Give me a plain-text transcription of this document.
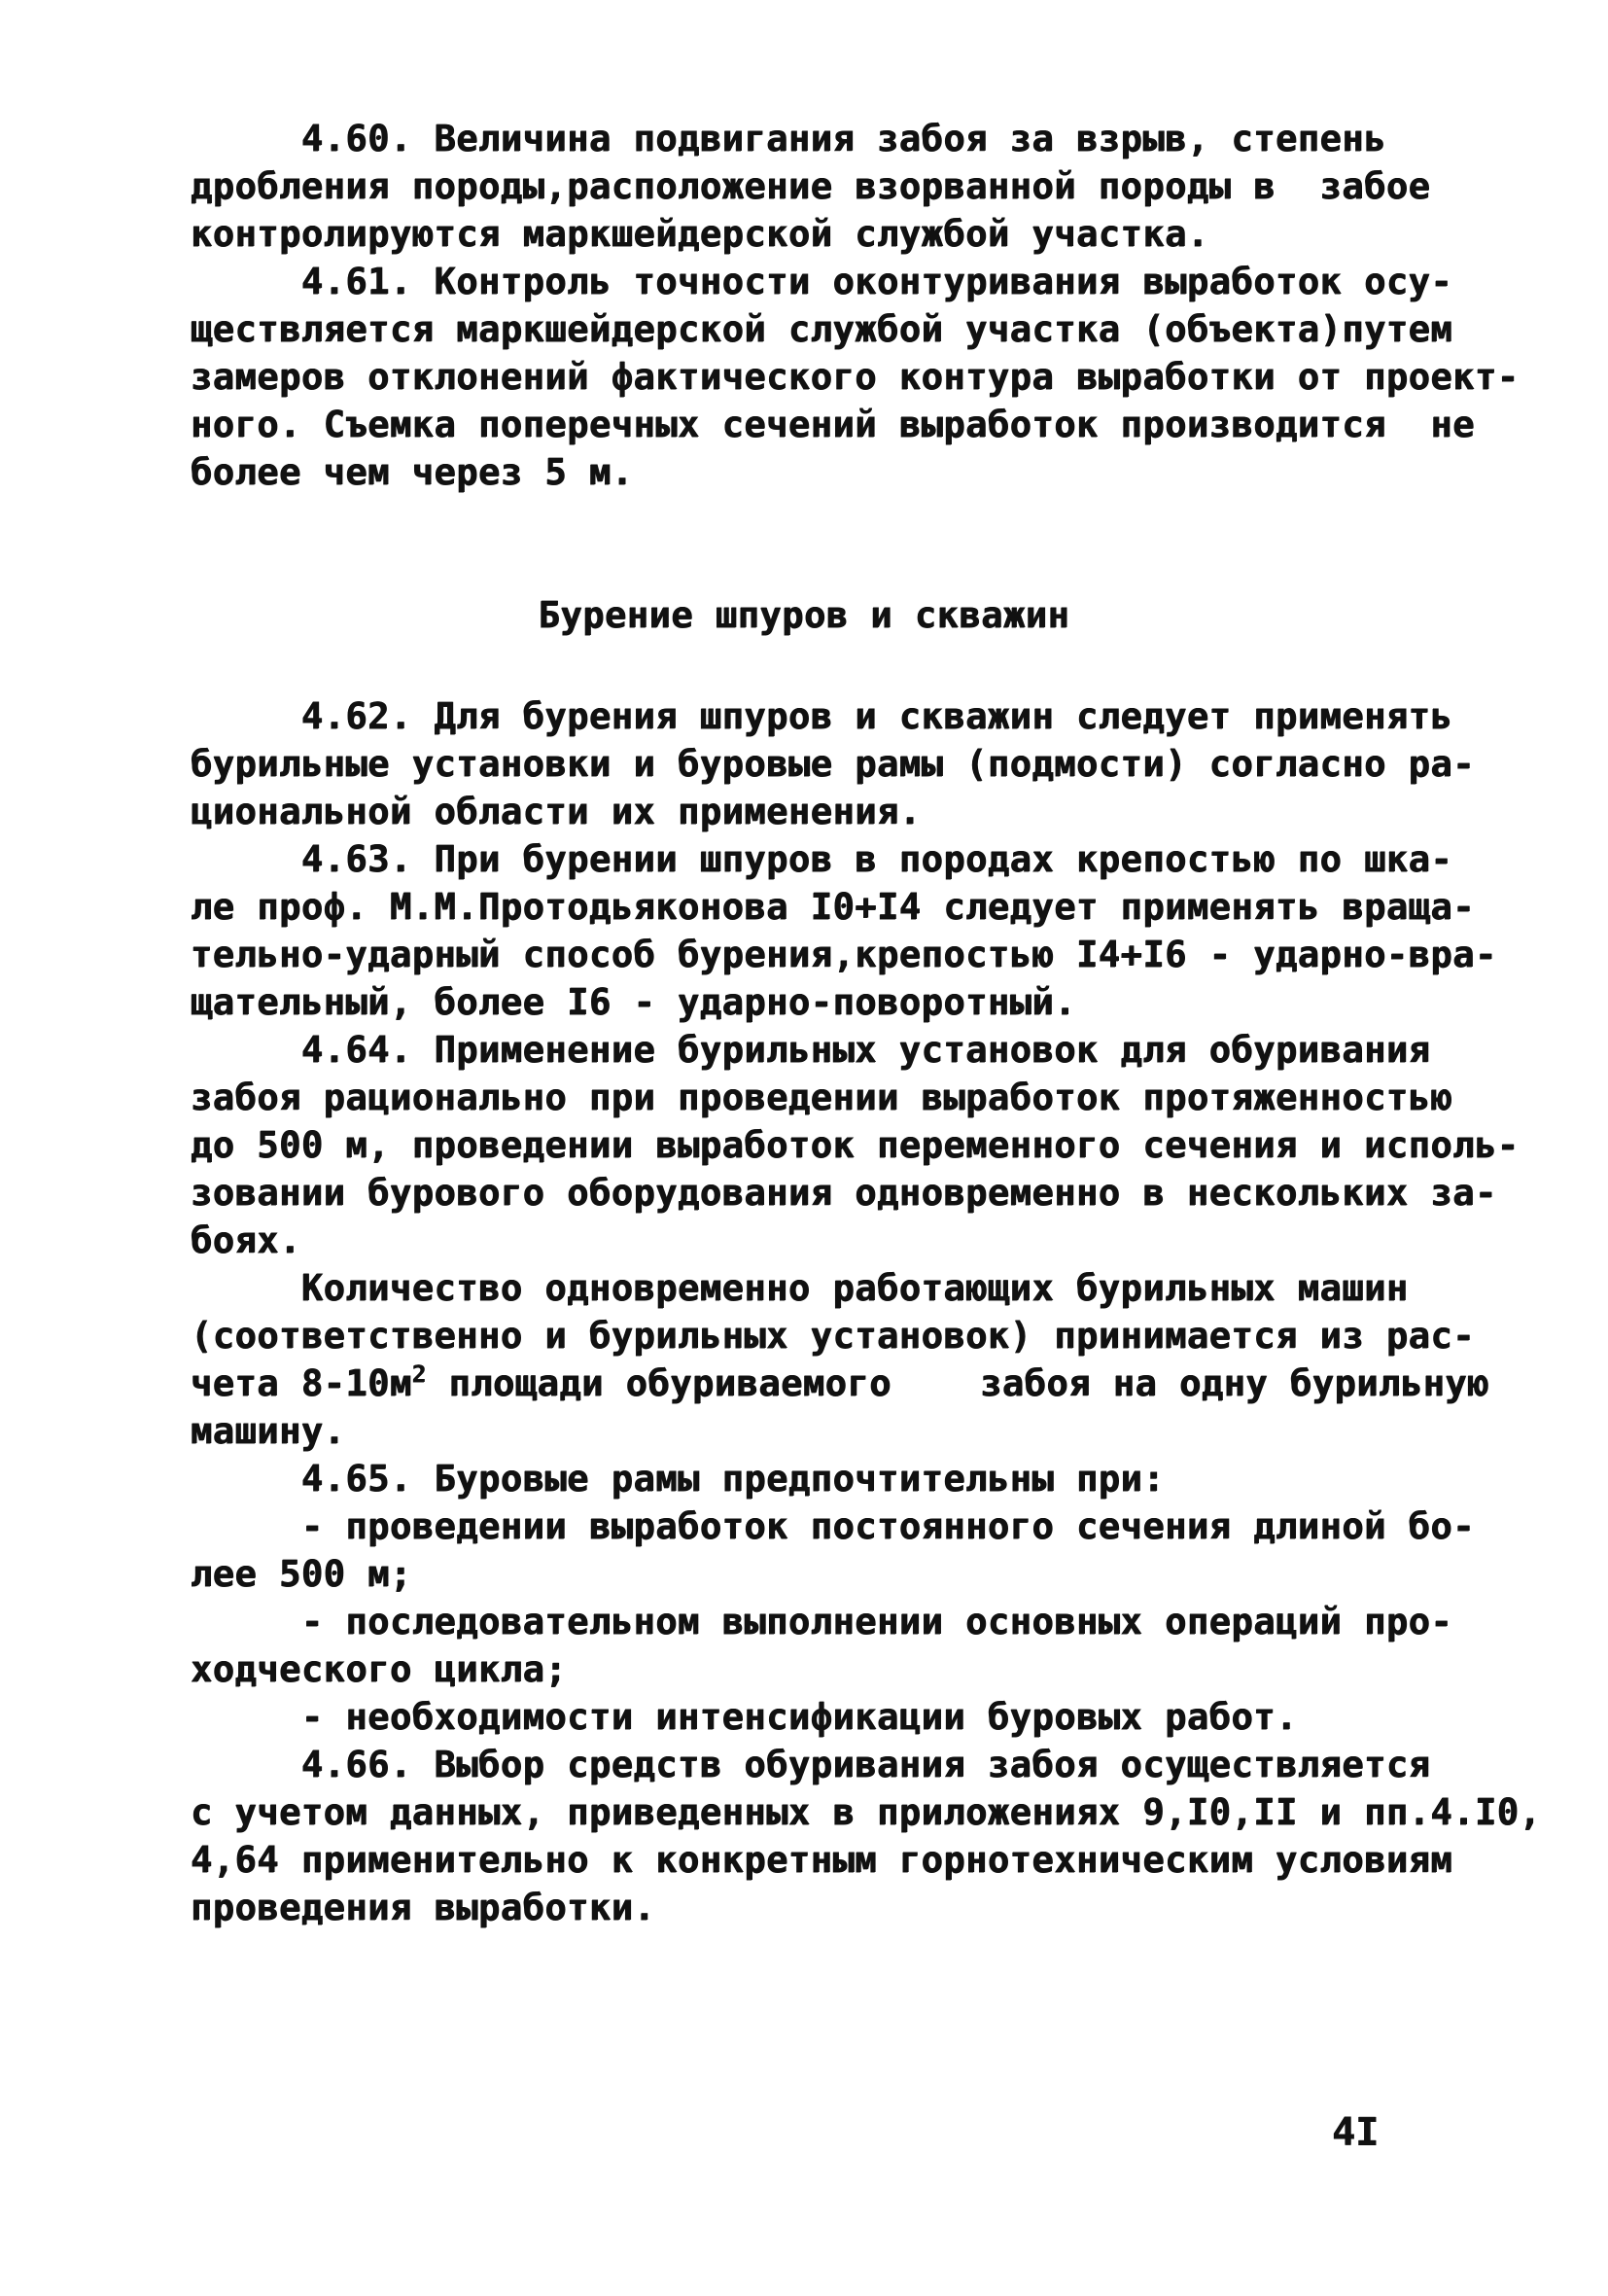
4.60. Величина подвигания забоя за взрыв, степень
дробления породы,расположение взорванной породы в  забое
контролируются маркшейдерской службой участка.
4.61. Контроль точности оконтуривания выработок осу-
ществляется маркшейдерской службой участка (объекта)путем
замеров отклонений фактического контура выработки от проект-
ного. Съемка поперечных сечений выработок производится  не
более чем через 5 м.
Бурение шпуров и скважин
4.62. Для бурения шпуров и скважин следует применять
бурильные установки и буровые рамы (подмости) согласно ра-
циональной области их применения.
4.63. При бурении шпуров в породах крепостью по шка-
ле проф. М.М.Протодьяконова I0+I4 следует применять враща-
тельно-ударный способ бурения,крепостью I4+I6 - ударно-вра-
щательный, более I6 - ударно-поворотный.
4.64. Применение бурильных установок для обуривания
забоя рационально при проведении выработок протяженностью
до 500 м, проведении выработок переменного сечения и исполь-
зовании бурового оборудования одновременно в нескольких за-
боях.
Количество одновременно работающих бурильных машин
(соответственно и бурильных установок) принимается из рас-
чета $8-10м^2$ площади обуриваемого    забоя на одну бурильную
машину.
4.65. Буровые рамы предпочтительны при:
- проведении выработок постоянного сечения длиной бо-
лее 500 м;
- последовательном выполнении основных операций про-
ходческого цикла;
- необходимости интенсификации буровых работ.
4.66. Выбор средств обуривания забоя осуществляется
с учетом данных, приведенных в приложениях 9,I0,II и пп.4.I0,
4,64 применительно к конкретным горнотехническим условиям
проведения выработки.
4I
